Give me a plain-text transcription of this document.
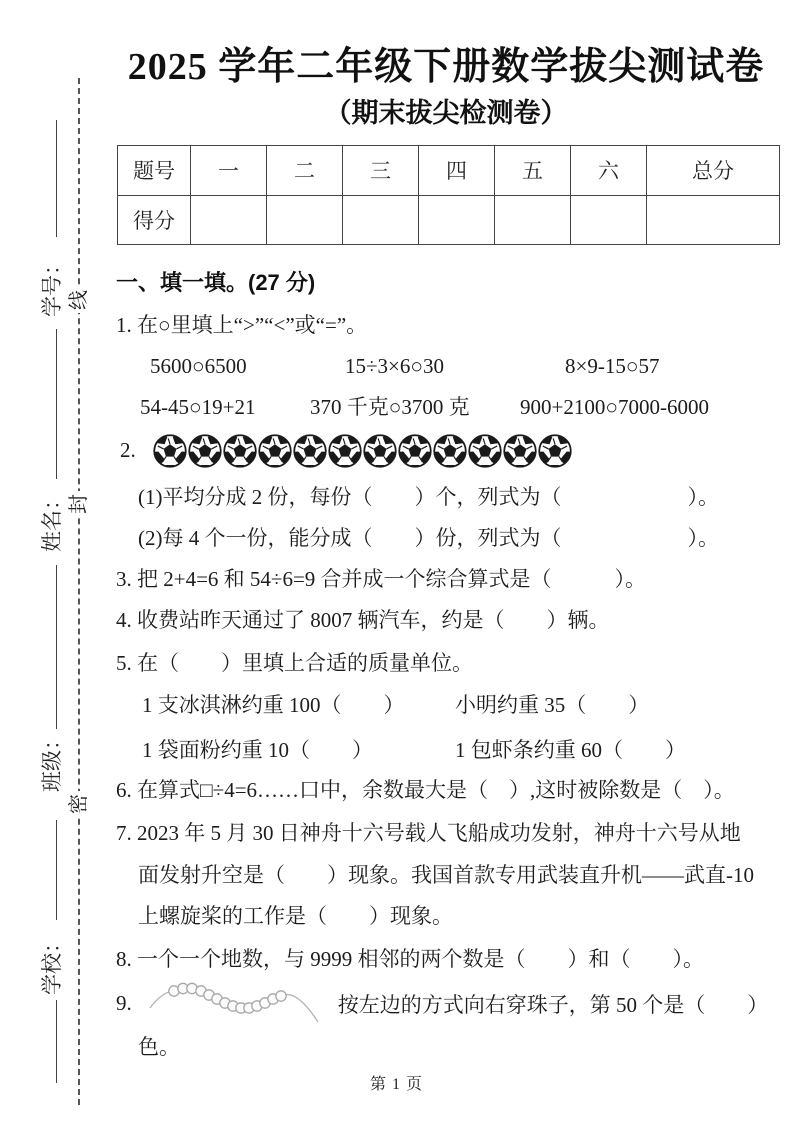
学校：
班级：
姓名：
学号：
密
封
线
2025 学年二年级下册数学拔尖测试卷
（期末拔尖检测卷）
题号	一	二	三	四	五	六	总分
得分							
一、填一填。(27 分)
1. 在○里填上“>”“<”或“=”。
5600○6500	15÷3×6○30	8×9-15○57
54-45○19+21	370 千克○3700 克	900+2100○7000-6000
2.
(1)平均分成 2 份，每份（　　）个，列式为（　　　　　　）。
(2)每 4 个一份，能分成（　　）份，列式为（　　　　　　）。
3. 把 2+4=6 和 54÷6=9 合并成一个综合算式是（　　　）。
4. 收费站昨天通过了 8007 辆汽车，约是（　　）辆。
5. 在（　　）里填上合适的质量单位。
1 支冰淇淋约重 100（　　）	小明约重 35（　　）
1 袋面粉约重 10（　　）	1 包虾条约重 60（　　）
6. 在算式□÷4=6……口中，余数最大是（　）,这时被除数是（　）。
7. 2023 年 5 月 30 日神舟十六号载人飞船成功发射，神舟十六号从地
面发射升空是（　　）现象。我国首款专用武装直升机——武直-10
上螺旋桨的工作是（　　）现象。
8. 一个一个地数，与 9999 相邻的两个数是（　　）和（　　）。
9.	按左边的方式向右穿珠子，第 50 个是（　　）
色。
第 1 页
